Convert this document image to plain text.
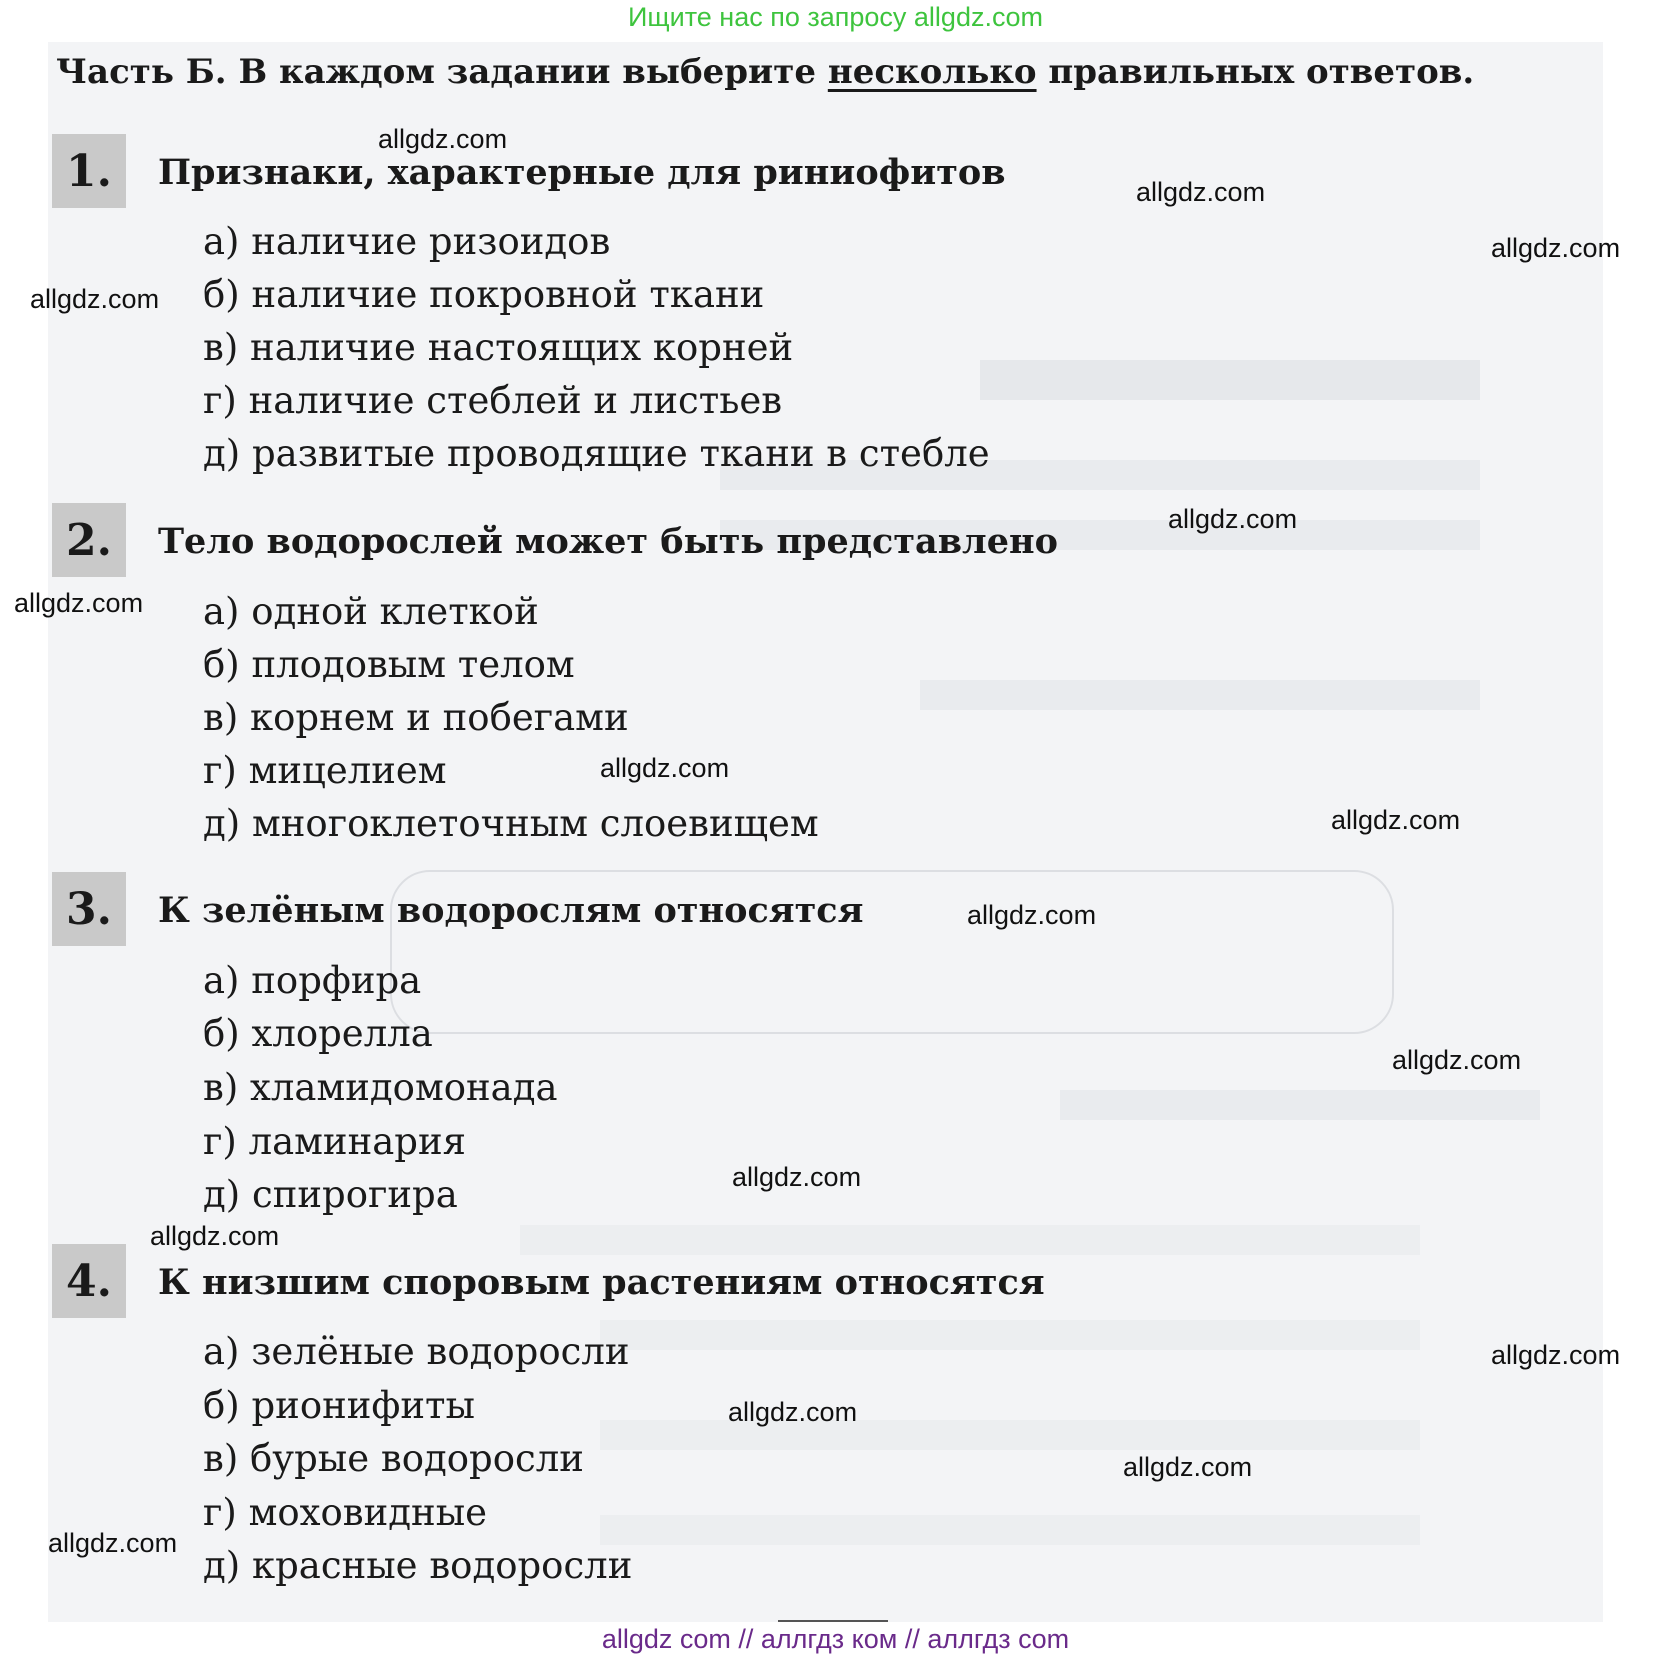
Ищите нас по запросу allgdz.com
Часть Б. В каждом задании выберите несколько правильных ответов.
1.	Признаки, характерные для риниофитов
а) наличие ризоидов
б) наличие покровной ткани
в) наличие настоящих корней
г) наличие стеблей и листьев
д) развитые проводящие ткани в стебле
2.	Тело водорослей может быть представлено
а) одной клеткой
б) плодовым телом
в) корнем и побегами
г) мицелием
д) многоклеточным слоевищем
3.	К зелёным водорослям относятся
а) порфира
б) хлорелла
в) хламидомонада
г) ламинария
д) спирогира
4.	К низшим споровым растениям относятся
а) зелёные водоросли
б) рионифиты
в) бурые водоросли
г) моховидные
д) красные водоросли
allgdz.com
allgdz.com
allgdz.com
allgdz.com
allgdz.com
allgdz.com
allgdz.com
allgdz.com
allgdz.com
allgdz.com
allgdz.com
allgdz.com
allgdz.com
allgdz.com
allgdz.com
allgdz.com
allgdz com // аллгдз ком // аллгдз com
